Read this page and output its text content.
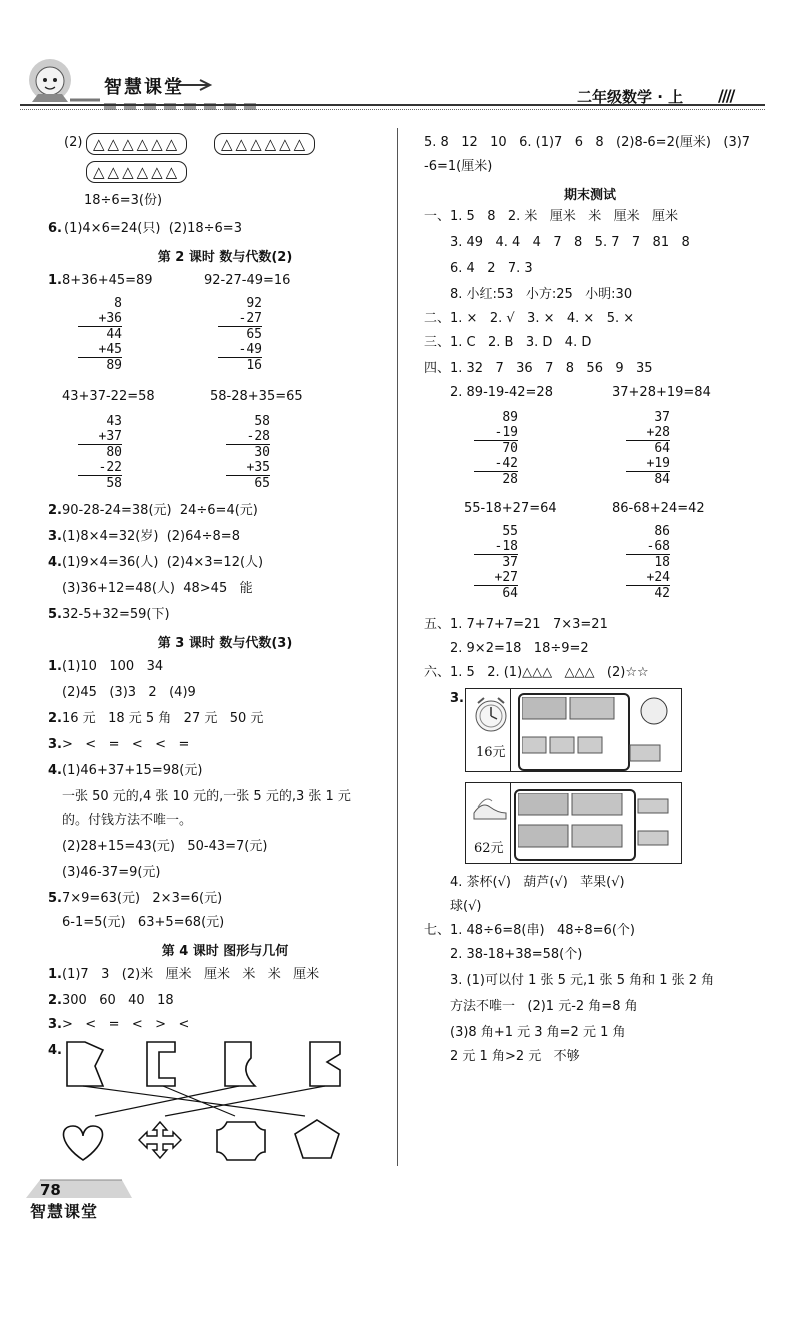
智慧课堂	二年级数学 · 上 ////
(2) △△△△△△	△△△△△△
△△△△△△
18÷6=3(份)
6. (1)4×6=24(只)  (2)18÷6=3
第 2 课时 数与代数(2)
1. 8+36+45=89	92-27-49=16
8
+36
44
+45
89
92
-27
65
-49
16
43+37-22=58	58-28+35=65
43
+37
80
-22
58
58
-28
30
+35
65
2. 90-28-24=38(元)  24÷6=4(元)
3. (1)8×4=32(岁)  (2)64÷8=8
4. (1)9×4=36(人)  (2)4×3=12(人)
(3)36+12=48(人)  48>45   能
5. 32-5+32=59(下)
第 3 课时 数与代数(3)
1. (1)10   100   34
(2)45   (3)3   2   (4)9
2. 16 元   18 元 5 角   27 元   50 元
3. >   <   =   <   <   =
4. (1)46+37+15=98(元)
一张 50 元的,4 张 10 元的,一张 5 元的,3 张 1 元
的。付钱方法不唯一。
(2)28+15=43(元)   50-43=7(元)
(3)46-37=9(元)
5. 7×9=63(元)   2×3=6(元)
6-1=5(元)   63+5=68(元)
第 4 课时 图形与几何
1. (1)7   3   (2)米   厘米   厘米   米   米   厘米
2. 300   60   40   18
3. >   <   =   <   >   <
4.
5. 8   12   10   6. (1)7   6   8   (2)8-6=2(厘米)   (3)7
-6=1(厘米)
期末测试
一、1. 5   8   2. 米   厘米   米   厘米   厘米
3. 49   4. 4   4   7   8   5. 7   7   81   8
6. 4   2   7. 3
8. 小红:53   小方:25   小明:30
二、1. ×   2. √   3. ×   4. ×   5. ×
三、1. C   2. B   3. D   4. D
四、1. 32   7   36   7   8   56   9   35
2. 89-19-42=28	37+28+19=84
89
-19
70
-42
28
37
+28
64
+19
84
55-18+27=64	86-68+24=42
55
-18
37
+27
64
86
-68
18
+24
42
五、1. 7+7+7=21   7×3=21
2. 9×2=18   18÷9=2
六、1. 5   2. (1)△△△   △△△   (2)☆☆
3.
16元
62元
4. 茶杯(√)   葫芦(√)   苹果(√)
球(√)
七、1. 48÷6=8(串)   48÷8=6(个)
2. 38-18+38=58(个)
3. (1)可以付 1 张 5 元,1 张 5 角和 1 张 2 角
方法不唯一   (2)1 元-2 角=8 角
(3)8 角+1 元 3 角=2 元 1 角
2 元 1 角>2 元   不够
78
智慧课堂
